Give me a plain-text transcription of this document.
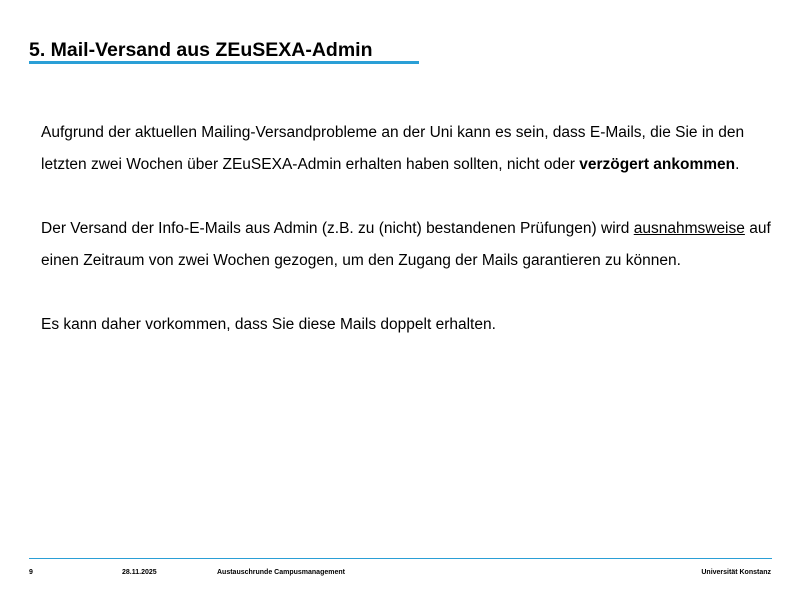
5. Mail-Versand aus ZEuSEXA-Admin

Aufgrund der aktuellen Mailing-Versandprobleme an der Uni kann es sein, dass E-Mails, die Sie in den letzten zwei Wochen über ZEuSEXA-Admin erhalten haben sollten, nicht oder verzögert ankommen.

Der Versand der Info-E-Mails aus Admin (z.B. zu (nicht) bestandenen Prüfungen) wird ausnahmsweise auf einen Zeitraum von zwei Wochen gezogen, um den Zugang der Mails garantieren zu können.

Es kann daher vorkommen, dass Sie diese Mails doppelt erhalten.

9	28.11.2025	Austauschrunde Campusmanagement	Universität Konstanz
